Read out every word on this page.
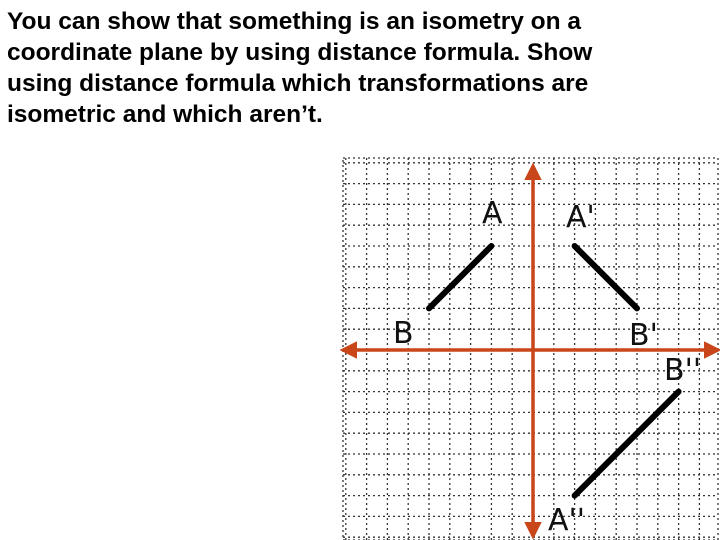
You can show that something is an isometry on a
coordinate plane by using distance formula. Show
using distance formula which transformations are
isometric and which aren’t.
A
B
A'
B'
B''
A''
